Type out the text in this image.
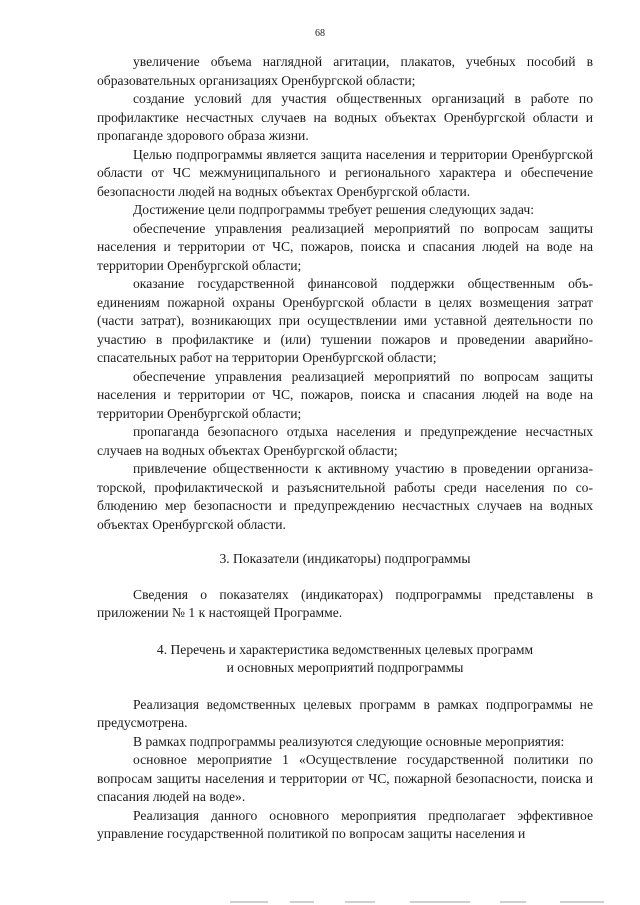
68

увеличение объема наглядной агитации, плакатов, учебных пособий в образовательных организациях Оренбургской области;

создание условий для участия общественных организаций в работе по профилактике несчастных случаев на водных объектах Оренбургской области и пропаганде здорового образа жизни.

Целью подпрограммы является защита населения и территории Оренбургской области от ЧС межмуниципального и регионального характера и обеспечение безопасности людей на водных объектах Оренбургской области.

Достижение цели подпрограммы требует решения следующих задач:

обеспечение управления реализацией мероприятий по вопросам защиты населения и территории от ЧС, пожаров, поиска и спасания людей на воде на территории Оренбургской области;

оказание государственной финансовой поддержки общественным объединениям пожарной охраны Оренбургской области в целях возмещения затрат (части затрат), возникающих при осуществлении ими уставной деятельности по участию в профилактике и (или) тушении пожаров и проведении аварийно-спасательных работ на территории Оренбургской области;

обеспечение управления реализацией мероприятий по вопросам защиты населения и территории от ЧС, пожаров, поиска и спасания людей на воде на территории Оренбургской области;

пропаганда безопасного отдыха населения и предупреждение несчастных случаев на водных объектах Оренбургской области;

привлечение общественности к активному участию в проведении организаторской, профилактической и разъяснительной работы среди населения по соблюдению мер безопасности и предупреждению несчастных случаев на водных объектах Оренбургской области.

3. Показатели (индикаторы) подпрограммы

Сведения о показателях (индикаторах) подпрограммы представлены в приложении № 1 к настоящей Программе.

4. Перечень и характеристика ведомственных целевых программ
и основных мероприятий подпрограммы

Реализация ведомственных целевых программ в рамках подпрограммы не предусмотрена.

В рамках подпрограммы реализуются следующие основные мероприятия:

основное мероприятие 1 «Осуществление государственной политики по вопросам защиты населения и территории от ЧС, пожарной безопасности, поиска и спасания людей на воде».

Реализация данного основного мероприятия предполагает эффективное управление государственной политикой по вопросам защиты населения и
